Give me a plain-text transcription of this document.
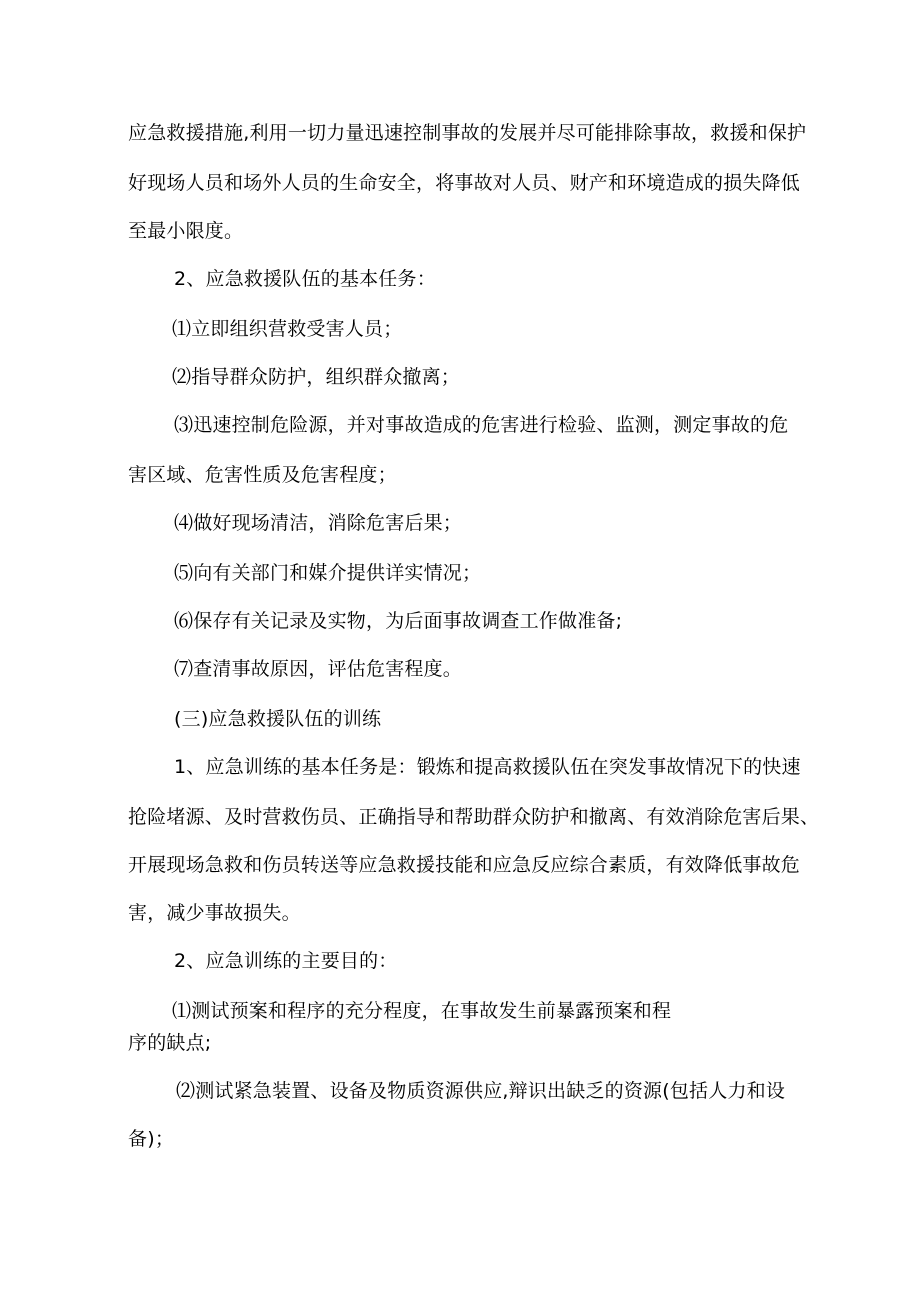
应急救援措施,利用一切力量迅速控制事故的发展并尽可能排除事故，救援和保护
好现场人员和场外人员的生命安全，将事故对人员、财产和环境造成的损失降低
至最小限度。
2、应急救援队伍的基本任务：
⑴立即组织营救受害人员；
⑵指导群众防护，组织群众撤离；
⑶迅速控制危险源，并对事故造成的危害进行检验、监测，测定事故的危
害区域、危害性质及危害程度；
⑷做好现场清洁，消除危害后果；
⑸向有关部门和媒介提供详实情况；
⑹保存有关记录及实物，为后面事故调查工作做准备;
⑺查清事故原因，评估危害程度。
(三)应急救援队伍的训练
1、应急训练的基本任务是：锻炼和提高救援队伍在突发事故情况下的快速
抢险堵源、及时营救伤员、正确指导和帮助群众防护和撤离、有效消除危害后果、
开展现场急救和伤员转送等应急救援技能和应急反应综合素质，有效降低事故危
害，减少事故损失。
2、应急训练的主要目的：
⑴测试预案和程序的充分程度，在事故发生前暴露预案和程
序的缺点;
⑵测试紧急装置、设备及物质资源供应,辩识出缺乏的资源(包括人力和设
备)；
